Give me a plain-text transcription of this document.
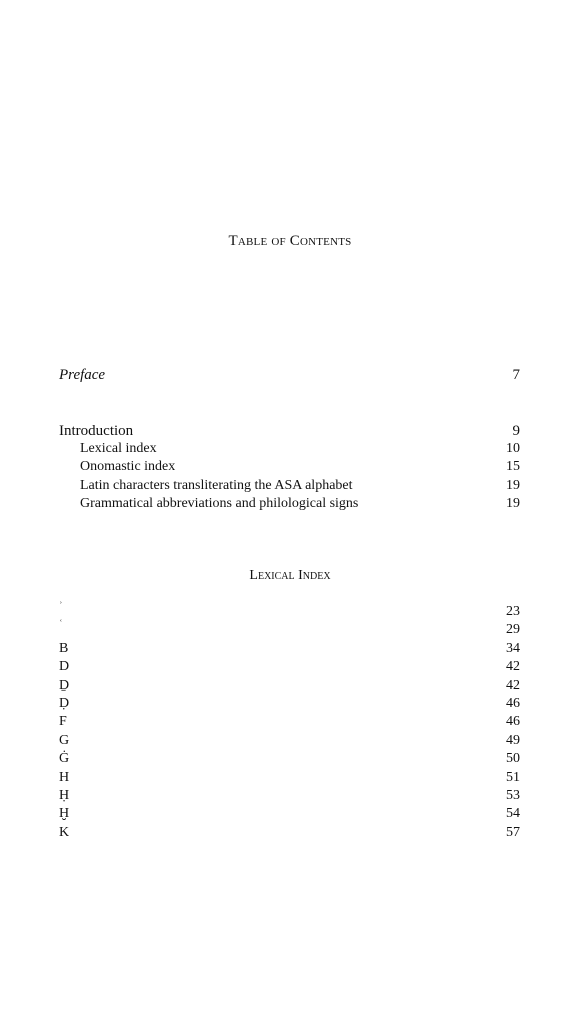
Table of Contents
Preface	7
Introduction	9
Lexical index	10
Onomastic index	15
Latin characters transliterating the ASA alphabet	19
Grammatical abbreviations and philological signs	19
Lexical Index
ʾ	23
ʿ	29
B	34
D	42
Ḏ	42
Ḍ	46
F	46
G	49
Ġ	50
H	51
Ḥ	53
Ḫ	54
K	57
